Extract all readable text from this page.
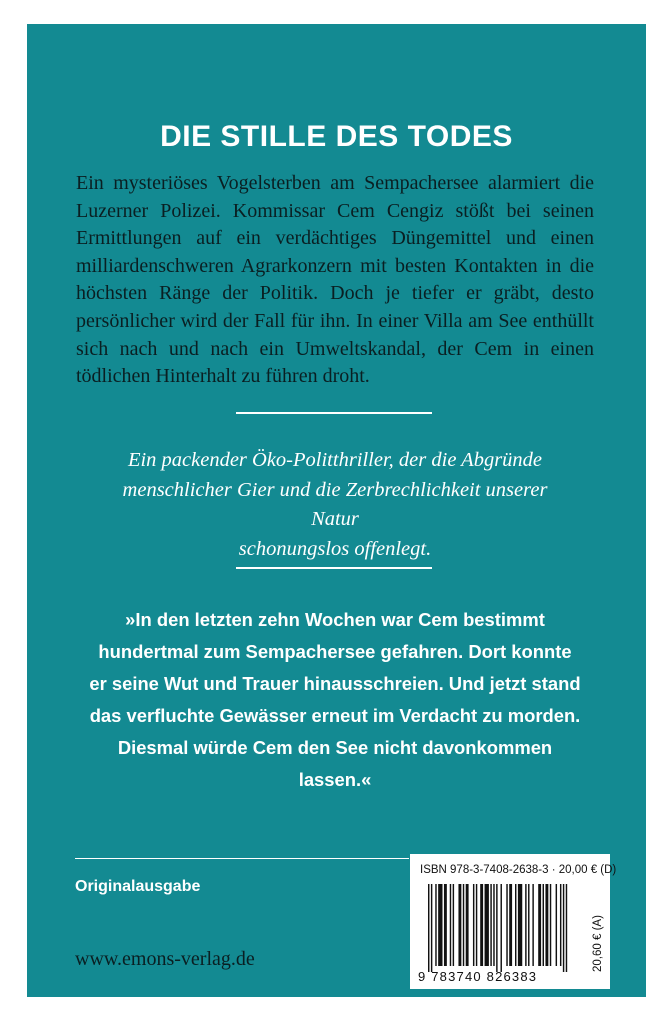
DIE STILLE DES TODES
Ein mysteriöses Vogelsterben am Sempachersee alarmiert die Luzerner Polizei. Kommissar Cem Cengiz stößt bei seinen Ermittlungen auf ein verdächtiges Düngemittel und einen milliardenschweren Agrarkonzern mit besten Kontakten in die höchsten Ränge der Politik. Doch je tiefer er gräbt, desto persönlicher wird der Fall für ihn. In einer Villa am See enthüllt sich nach und nach ein Umweltskandal, der Cem in einen tödlichen Hinterhalt zu führen droht.
Ein packender Öko-Politthriller, der die Abgründe
menschlicher Gier und die Zerbrechlichkeit unserer Natur
schonungslos offenlegt.
»In den letzten zehn Wochen war Cem bestimmt
hundertmal zum Sempachersee gefahren. Dort konnte
er seine Wut und Trauer hinausschreien. Und jetzt stand
das verfluchte Gewässer erneut im Verdacht zu morden.
Diesmal würde Cem den See nicht davonkommen lassen.«
Originalausgabe
www.emons-verlag.de
ISBN 978-3-7408-2638-3 · 20,00 € (D)
9 783740 826383
20,60 € (A)
